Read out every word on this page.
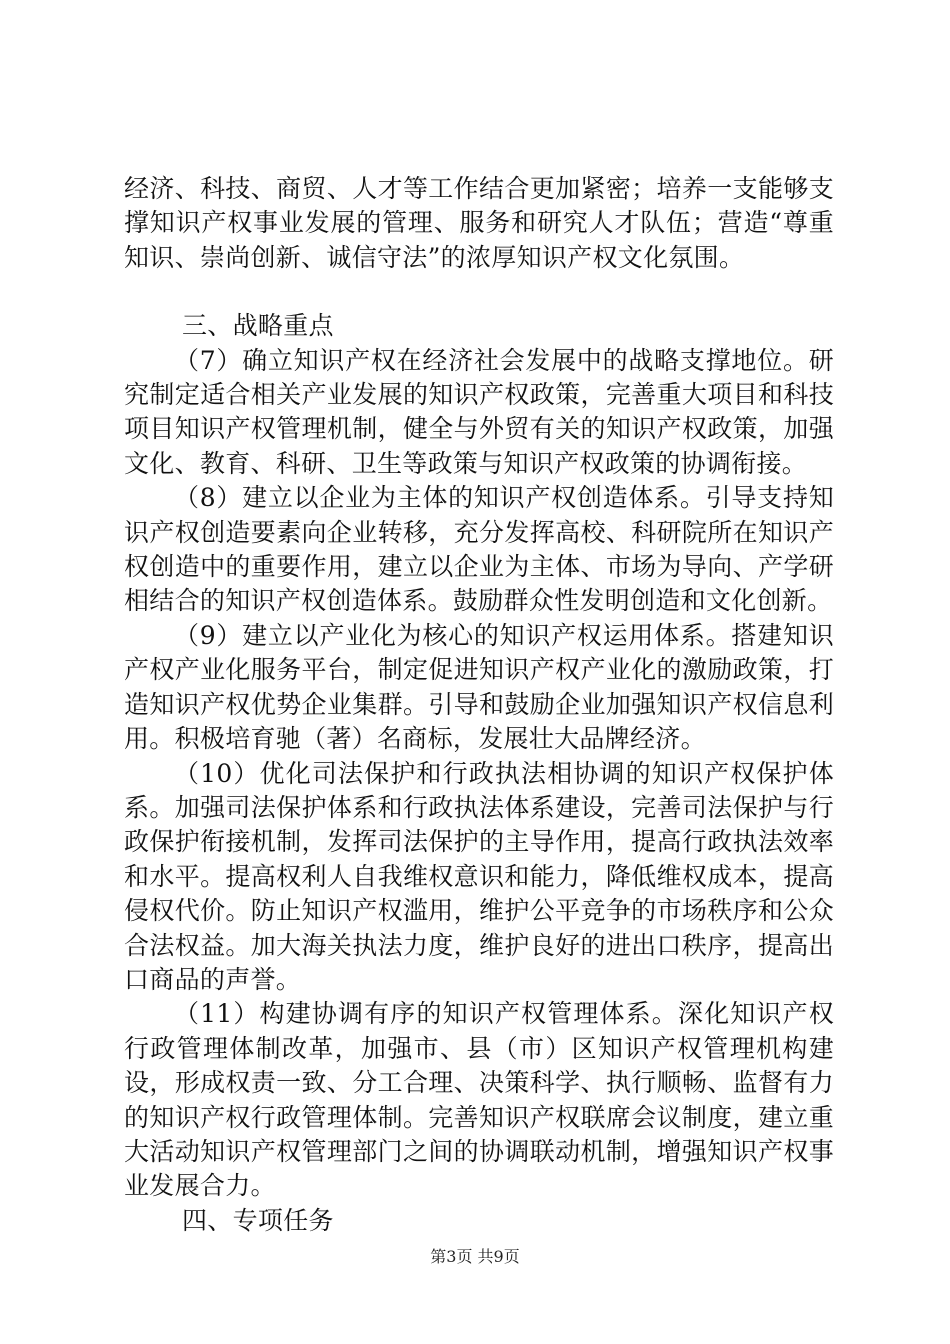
经济、科技、商贸、人才等工作结合更加紧密；培养一支能够支撑知识产权事业发展的管理、服务和研究人才队伍；营造“尊重知识、崇尚创新、诚信守法”的浓厚知识产权文化氛围。

三、战略重点

（7）确立知识产权在经济社会发展中的战略支撑地位。研究制定适合相关产业发展的知识产权政策，完善重大项目和科技项目知识产权管理机制，健全与外贸有关的知识产权政策，加强文化、教育、科研、卫生等政策与知识产权政策的协调衔接。

（8）建立以企业为主体的知识产权创造体系。引导支持知识产权创造要素向企业转移，充分发挥高校、科研院所在知识产权创造中的重要作用，建立以企业为主体、市场为导向、产学研相结合的知识产权创造体系。鼓励群众性发明创造和文化创新。

（9）建立以产业化为核心的知识产权运用体系。搭建知识产权产业化服务平台，制定促进知识产权产业化的激励政策，打造知识产权优势企业集群。引导和鼓励企业加强知识产权信息利用。积极培育驰（著）名商标，发展壮大品牌经济。

（10）优化司法保护和行政执法相协调的知识产权保护体系。加强司法保护体系和行政执法体系建设，完善司法保护与行政保护衔接机制，发挥司法保护的主导作用，提高行政执法效率和水平。提高权利人自我维权意识和能力，降低维权成本，提高侵权代价。防止知识产权滥用，维护公平竞争的市场秩序和公众合法权益。加大海关执法力度，维护良好的进出口秩序，提高出口商品的声誉。

（11）构建协调有序的知识产权管理体系。深化知识产权行政管理体制改革，加强市、县（市）区知识产权管理机构建设，形成权责一致、分工合理、决策科学、执行顺畅、监督有力的知识产权行政管理体制。完善知识产权联席会议制度，建立重大活动知识产权管理部门之间的协调联动机制，增强知识产权事业发展合力。

四、专项任务

第3页 共9页
